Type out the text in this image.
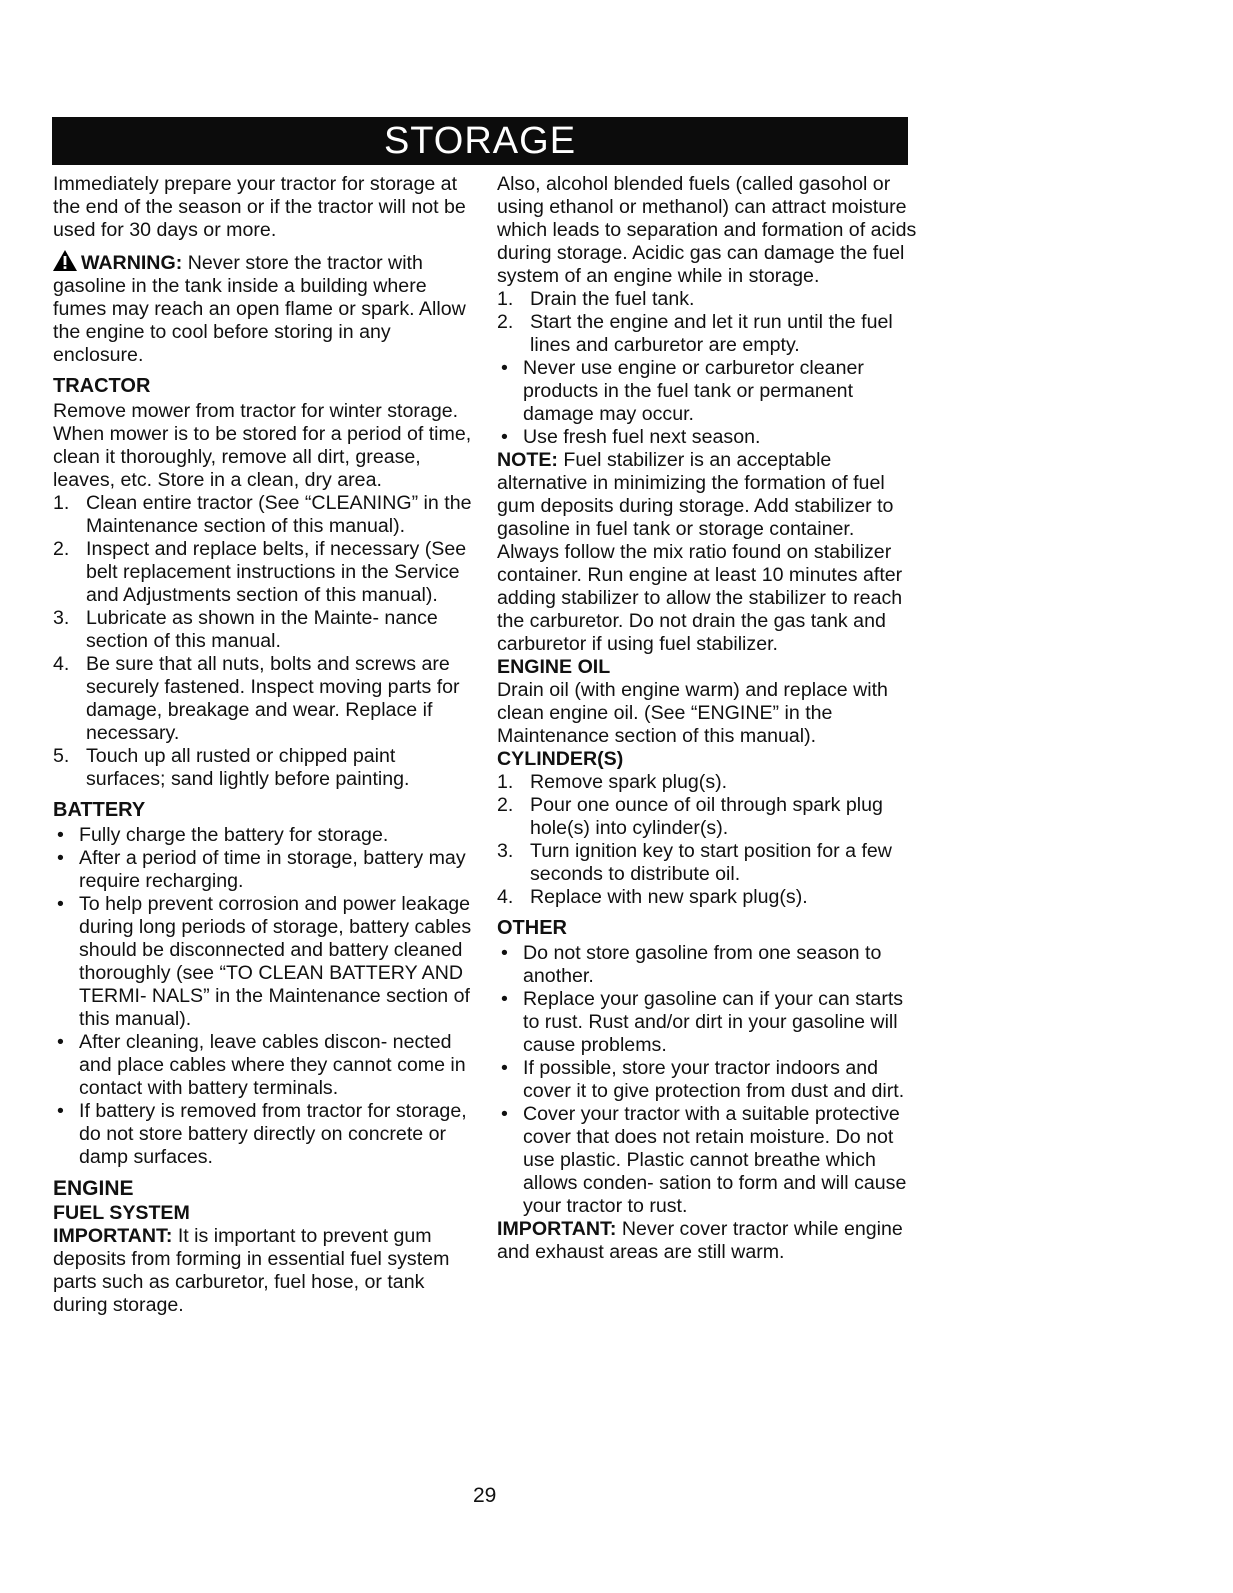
STORAGE

Immediately prepare your tractor for storage at the end of the season or if the tractor will not be used for 30 days or more.

WARNING: Never store the tractor with gasoline in the tank inside a building where fumes may reach an open flame or spark. Allow the engine to cool before storing in any enclosure.

TRACTOR

Remove mower from tractor for winter storage. When mower is to be stored for a period of time, clean it thoroughly, remove all dirt, grease, leaves, etc. Store in a clean, dry area.

1. Clean entire tractor (See “CLEANING” in the Maintenance section of this manual).
2. Inspect and replace belts, if necessary (See belt replacement instructions in the Service and Adjustments section of this manual).
3. Lubricate as shown in the Mainte- nance section of this manual.
4. Be sure that all nuts, bolts and screws are securely fastened. Inspect moving parts for damage, breakage and wear. Replace if necessary.
5. Touch up all rusted or chipped paint surfaces; sand lightly before painting.

BATTERY

• Fully charge the battery for storage.
• After a period of time in storage, battery may require recharging.
• To help prevent corrosion and power leakage during long periods of storage, battery cables should be disconnected and battery cleaned thoroughly (see “TO CLEAN BATTERY AND TERMI- NALS” in the Maintenance section of this manual).
• After cleaning, leave cables discon- nected and place cables where they cannot come in contact with battery terminals.
• If battery is removed from tractor for storage, do not store battery directly on concrete or damp surfaces.

ENGINE

FUEL SYSTEM

IMPORTANT: It is important to prevent gum deposits from forming in essential fuel system parts such as carburetor, fuel hose, or tank during storage.

Also, alcohol blended fuels (called gasohol or using ethanol or methanol) can attract moisture which leads to separation and formation of acids during storage. Acidic gas can damage the fuel system of an engine while in storage.

1. Drain the fuel tank.
2. Start the engine and let it run until the fuel lines and carburetor are empty.
• Never use engine or carburetor cleaner products in the fuel tank or permanent damage may occur.
• Use fresh fuel next season.

NOTE: Fuel stabilizer is an acceptable alternative in minimizing the formation of fuel gum deposits during storage. Add stabilizer to gasoline in fuel tank or storage container. Always follow the mix ratio found on stabilizer container. Run engine at least 10 minutes after adding stabilizer to allow the stabilizer to reach the carburetor. Do not drain the gas tank and carburetor if using fuel stabilizer.

ENGINE OIL

Drain oil (with engine warm) and replace with clean engine oil. (See “ENGINE” in the Maintenance section of this manual).

CYLINDER(S)

1. Remove spark plug(s).
2. Pour one ounce of oil through spark plug hole(s) into cylinder(s).
3. Turn ignition key to start position for a few seconds to distribute oil.
4. Replace with new spark plug(s).

OTHER

• Do not store gasoline from one season to another.
• Replace your gasoline can if your can starts to rust. Rust and/or dirt in your gasoline will cause problems.
• If possible, store your tractor indoors and cover it to give protection from dust and dirt.
• Cover your tractor with a suitable protective cover that does not retain moisture. Do not use plastic. Plastic cannot breathe which allows conden- sation to form and will cause your tractor to rust.

IMPORTANT: Never cover tractor while engine and exhaust areas are still warm.

29
